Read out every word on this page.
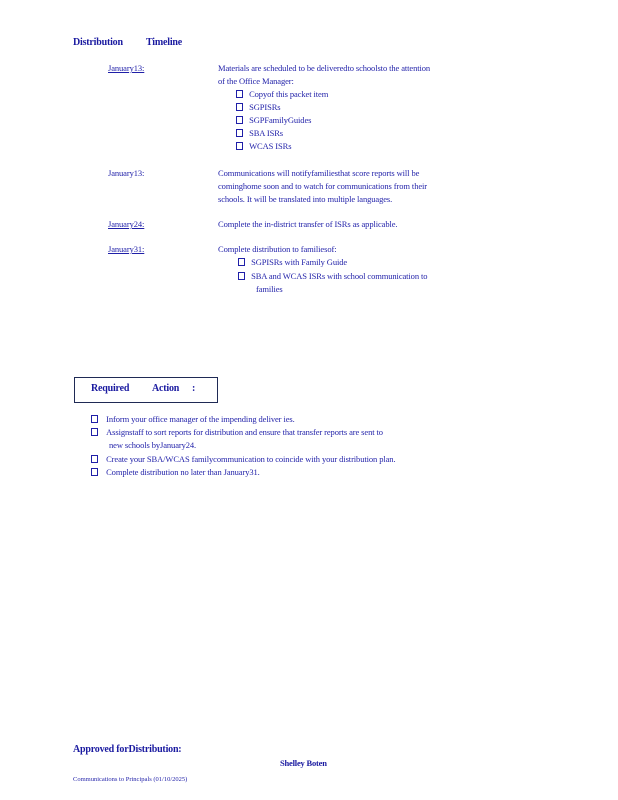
Distribution Timeline
January13:	Materials are scheduled to be deliveredto schoolsto the attention
of the Office Manager:
Copyof this packet item
SGPISRs
SGPFamilyGuides
SBA ISRs
WCAS ISRs
January13:	Communications will notifyfamiliesthat score reports will be
cominghome soon and to watch for communications from their
schools. It will be translated into multiple languages.
January24:	Complete the in-district transfer of ISRs as applicable.
January31:	Complete distribution to familiesof:
SGPISRs with Family Guide
SBA and WCAS ISRs with school communication to
families
Required Action :
Inform your office manager of the impending deliver ies.
Assignstaff to sort reports for distribution and ensure that transfer reports are sent to
new schools byJanuary24.
Create your SBA/WCAS familycommunication to coincide with your distribution plan.
Complete distribution no later than January31.
Approved forDistribution:
Shelley Boten
Communications to Principals (01/10/2025)
